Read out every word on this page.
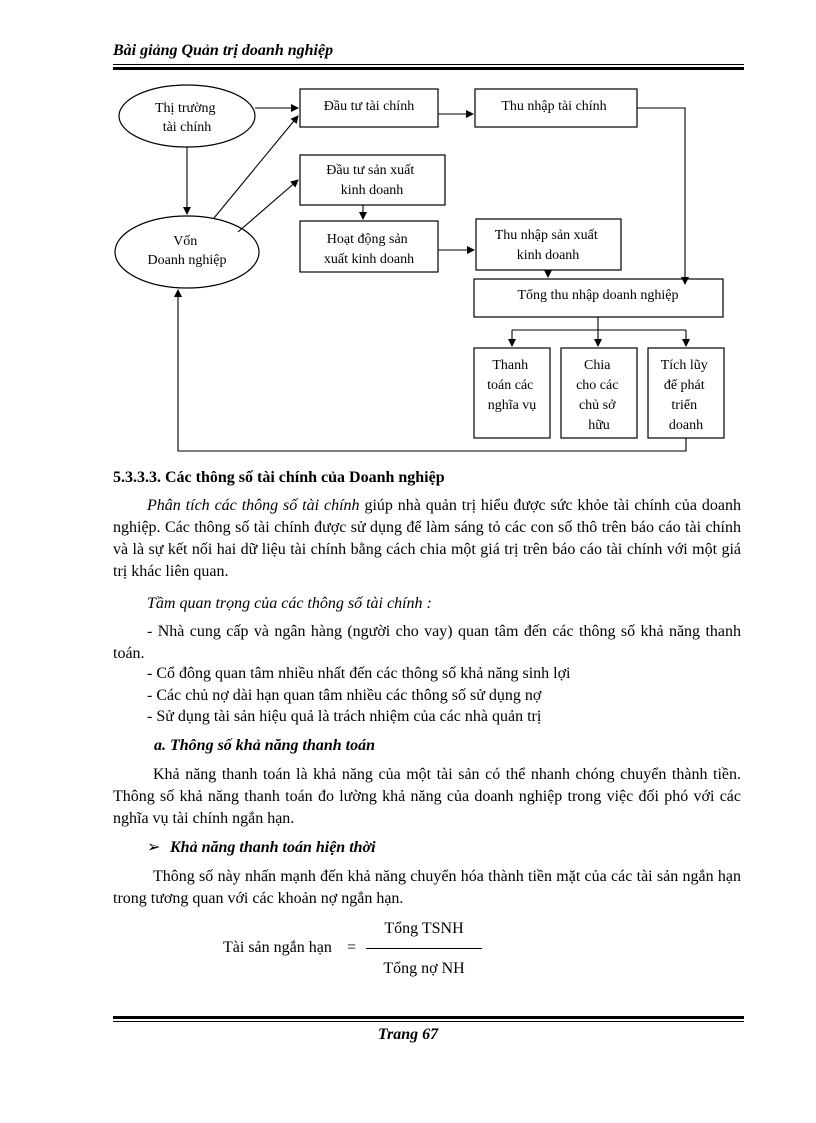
Bài giảng Quản trị doanh nghiệp
Thị trường tài chính
Vốn Doanh nghiệp
Đầu tư tài chính	Thu nhập tài chính
Đầu tư sản xuất kinh doanh
Hoạt động sản xuất kinh doanh
Thu nhập sản xuất kinh doanh
Tổng thu nhập doanh nghiệp
Thanh toán các nghĩa vụ
Chia cho các chủ sở hữu
Tích lũy để phát triển doanh
5.3.3.3. Các thông số tài chính của Doanh nghiệp
Phân tích các thông số tài chính giúp nhà quản trị hiểu được sức khỏe tài chính của doanh nghiệp. Các thông số tài chính được sử dụng để làm sáng tỏ các con số thô trên báo cáo tài chính và là sự kết nối hai dữ liệu tài chính bằng cách chia một giá trị trên báo cáo tài chính với một giá trị khác liên quan.
Tầm quan trọng của các thông số tài chính :
- Nhà cung cấp và ngân hàng (người cho vay) quan tâm đến các thông số khả năng thanh toán.
- Cổ đông quan tâm nhiều nhất đến các thông số khả năng sinh lợi
- Các chủ nợ dài hạn quan tâm nhiều các thông số sử dụng nợ
- Sử dụng tài sản hiệu quả là trách nhiệm của các nhà quản trị
a. Thông số khả năng thanh toán
Khả năng thanh toán là khả năng của một tài sản có thể nhanh chóng chuyển thành tiền. Thông số khả năng thanh toán đo lường khả năng của doanh nghiệp trong việc đối phó với các nghĩa vụ tài chính ngắn hạn.
➢ Khả năng thanh toán hiện thời
Thông số này nhấn mạnh đến khả năng chuyển hóa thành tiền mặt của các tài sản ngắn hạn trong tương quan với các khoản nợ ngắn hạn.
Tài sản ngắn hạn =
Tổng TSNH
Tổng nợ NH
Trang 67
